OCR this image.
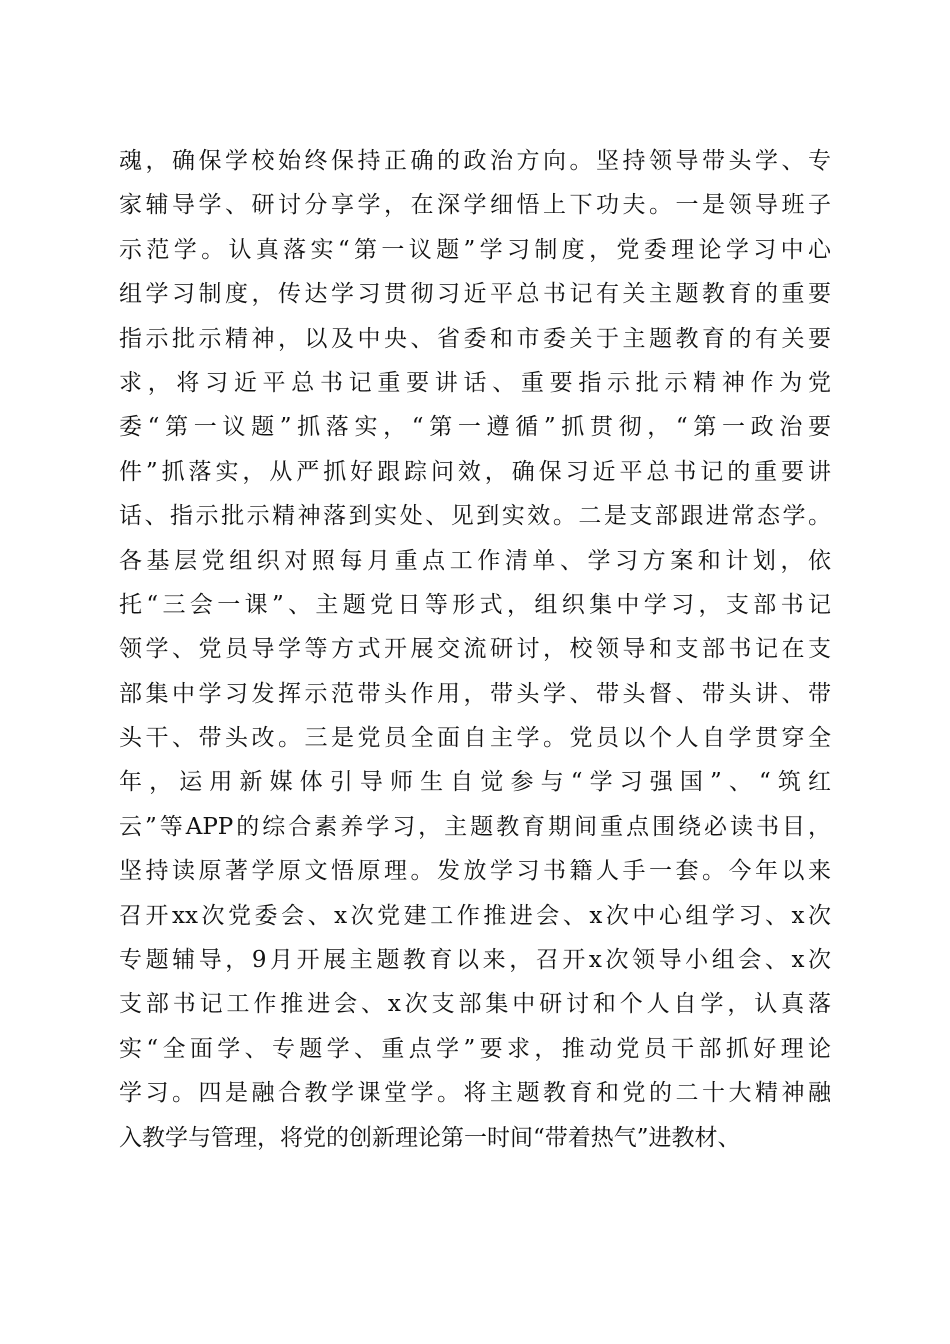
魂，确保学校始终保持正确的政治方向。坚持领导带头学、专
家辅导学、研讨分享学，在深学细悟上下功夫。一是领导班子
示范学。认真落实“第一议题”学习制度，党委理论学习中心
组学习制度，传达学习贯彻习近平总书记有关主题教育的重要
指示批示精神，以及中央、省委和市委关于主题教育的有关要
求，将习近平总书记重要讲话、重要指示批示精神作为党
委“第一议题”抓落实，“第一遵循”抓贯彻，“第一政治要
件”抓落实，从严抓好跟踪问效，确保习近平总书记的重要讲
话、指示批示精神落到实处、见到实效。二是支部跟进常态学。
各基层党组织对照每月重点工作清单、学习方案和计划，依
托“三会一课”、主题党日等形式，组织集中学习，支部书记
领学、党员导学等方式开展交流研讨，校领导和支部书记在支
部集中学习发挥示范带头作用，带头学、带头督、带头讲、带
头干、带头改。三是党员全面自主学。党员以个人自学贯穿全
年，运用新媒体引导师生自觉参与“学习强国”、“筑红
云”等APP的综合素养学习，主题教育期间重点围绕必读书目，
坚持读原著学原文悟原理。发放学习书籍人手一套。今年以来
召开xx次党委会、x次党建工作推进会、x次中心组学习、x次
专题辅导，9月开展主题教育以来，召开x次领导小组会、x次
支部书记工作推进会、x次支部集中研讨和个人自学，认真落
实“全面学、专题学、重点学”要求，推动党员干部抓好理论
学习。四是融合教学课堂学。将主题教育和党的二十大精神融
入教学与管理，将党的创新理论第一时间“带着热气”进教材、
